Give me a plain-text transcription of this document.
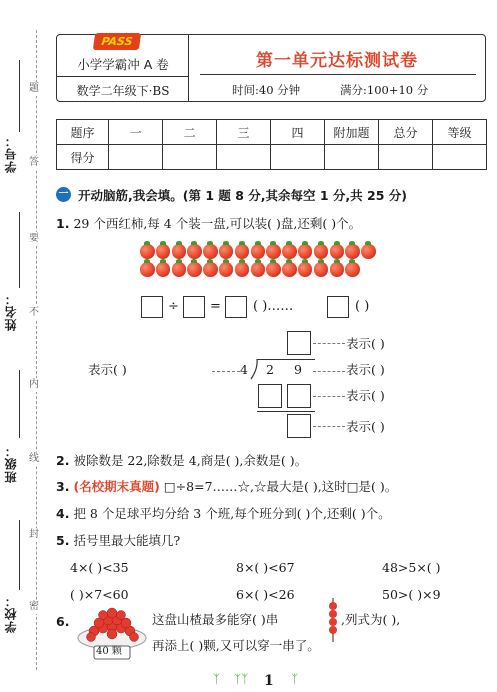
题
答
要
不
内
线
封
密
学号：
姓名：
班级：
学校：
PASS
小学学霸冲 A 卷
数学二年级下·BS
第一单元达标测试卷
时间:40 分钟	满分:100+10 分
题序	一	二	三	四	附加题	总分	等级
得分							
一 开动脑筋,我会填。(第 1 题 8 分,其余每空 1 分,共 25 分)
1. 29 个西红柿,每 4 个装一盘,可以装( )盘,还剩( )个。
÷ = ( )……	( )
表示( )	4 2 9
表示( )
表示( )
表示( )
表示( )
2. 被除数是 22,除数是 4,商是( ),余数是( )。
3. (名校期末真题) □÷8=7……☆,☆最大是( ),这时□是( )。
4. 把 8 个足球平均分给 3 个班,每个班分到( )个,还剩( )个。
5. 括号里最大能填几?
4×( )<35	8×( )<67	48>5×( )
( )×7<60	6×( )<26	50>( )×9
6.
40 颗
这盘山楂最多能穿( )串	,列式为( ),
再添上( )颗,又可以穿一串了。
ᛉ ᛉᛉ 1 ᛉ
